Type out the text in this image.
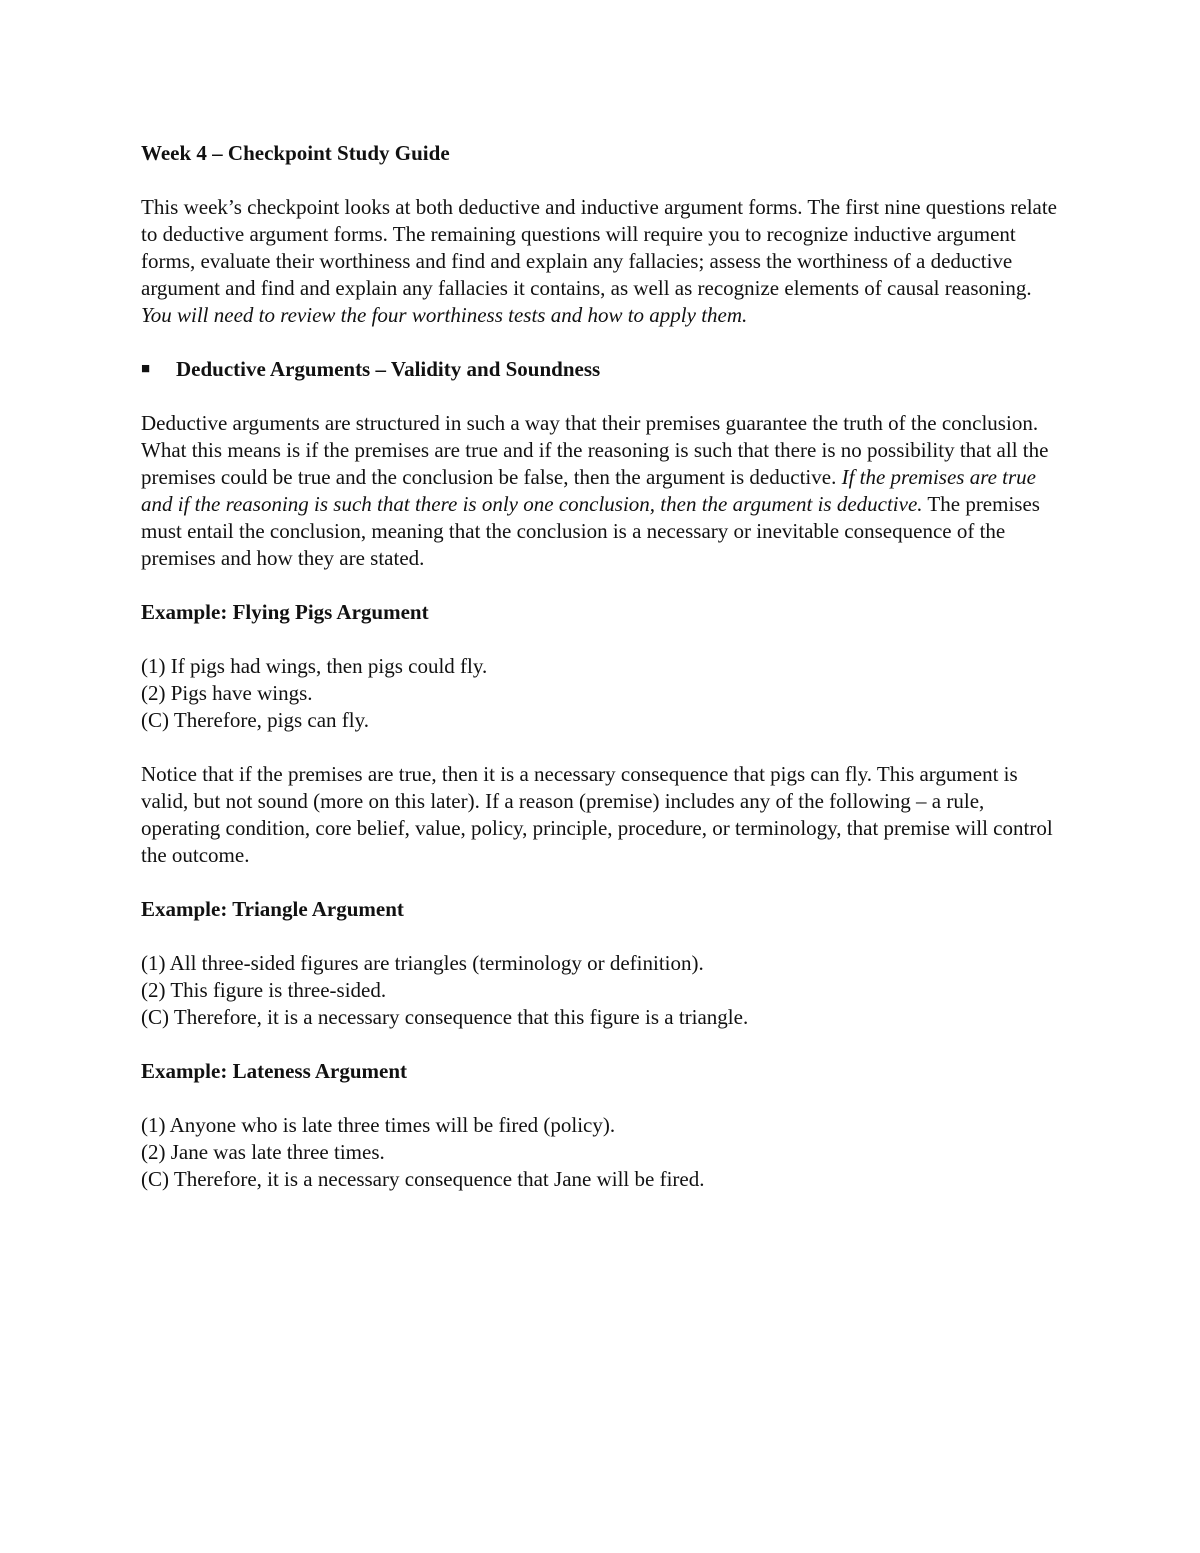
Week 4 – Checkpoint Study Guide

This week’s checkpoint looks at both deductive and inductive argument forms. The first nine questions relate to deductive argument forms. The remaining questions will require you to recognize inductive argument forms, evaluate their worthiness and find and explain any fallacies; assess the worthiness of a deductive argument and find and explain any fallacies it contains, as well as recognize elements of causal reasoning. You will need to review the four worthiness tests and how to apply them.

■	Deductive Arguments – Validity and Soundness

Deductive arguments are structured in such a way that their premises guarantee the truth of the conclusion. What this means is if the premises are true and if the reasoning is such that there is no possibility that all the premises could be true and the conclusion be false, then the argument is deductive. If the premises are true and if the reasoning is such that there is only one conclusion, then the argument is deductive. The premises must entail the conclusion, meaning that the conclusion is a necessary or inevitable consequence of the premises and how they are stated.

Example: Flying Pigs Argument

(1) If pigs had wings, then pigs could fly.
(2) Pigs have wings.
(C) Therefore, pigs can fly.

Notice that if the premises are true, then it is a necessary consequence that pigs can fly. This argument is valid, but not sound (more on this later). If a reason (premise) includes any of the following – a rule, operating condition, core belief, value, policy, principle, procedure, or terminology, that premise will control the outcome.

Example: Triangle Argument

(1) All three-sided figures are triangles (terminology or definition).
(2) This figure is three-sided.
(C) Therefore, it is a necessary consequence that this figure is a triangle.

Example: Lateness Argument

(1) Anyone who is late three times will be fired (policy).
(2) Jane was late three times.
(C) Therefore, it is a necessary consequence that Jane will be fired.
